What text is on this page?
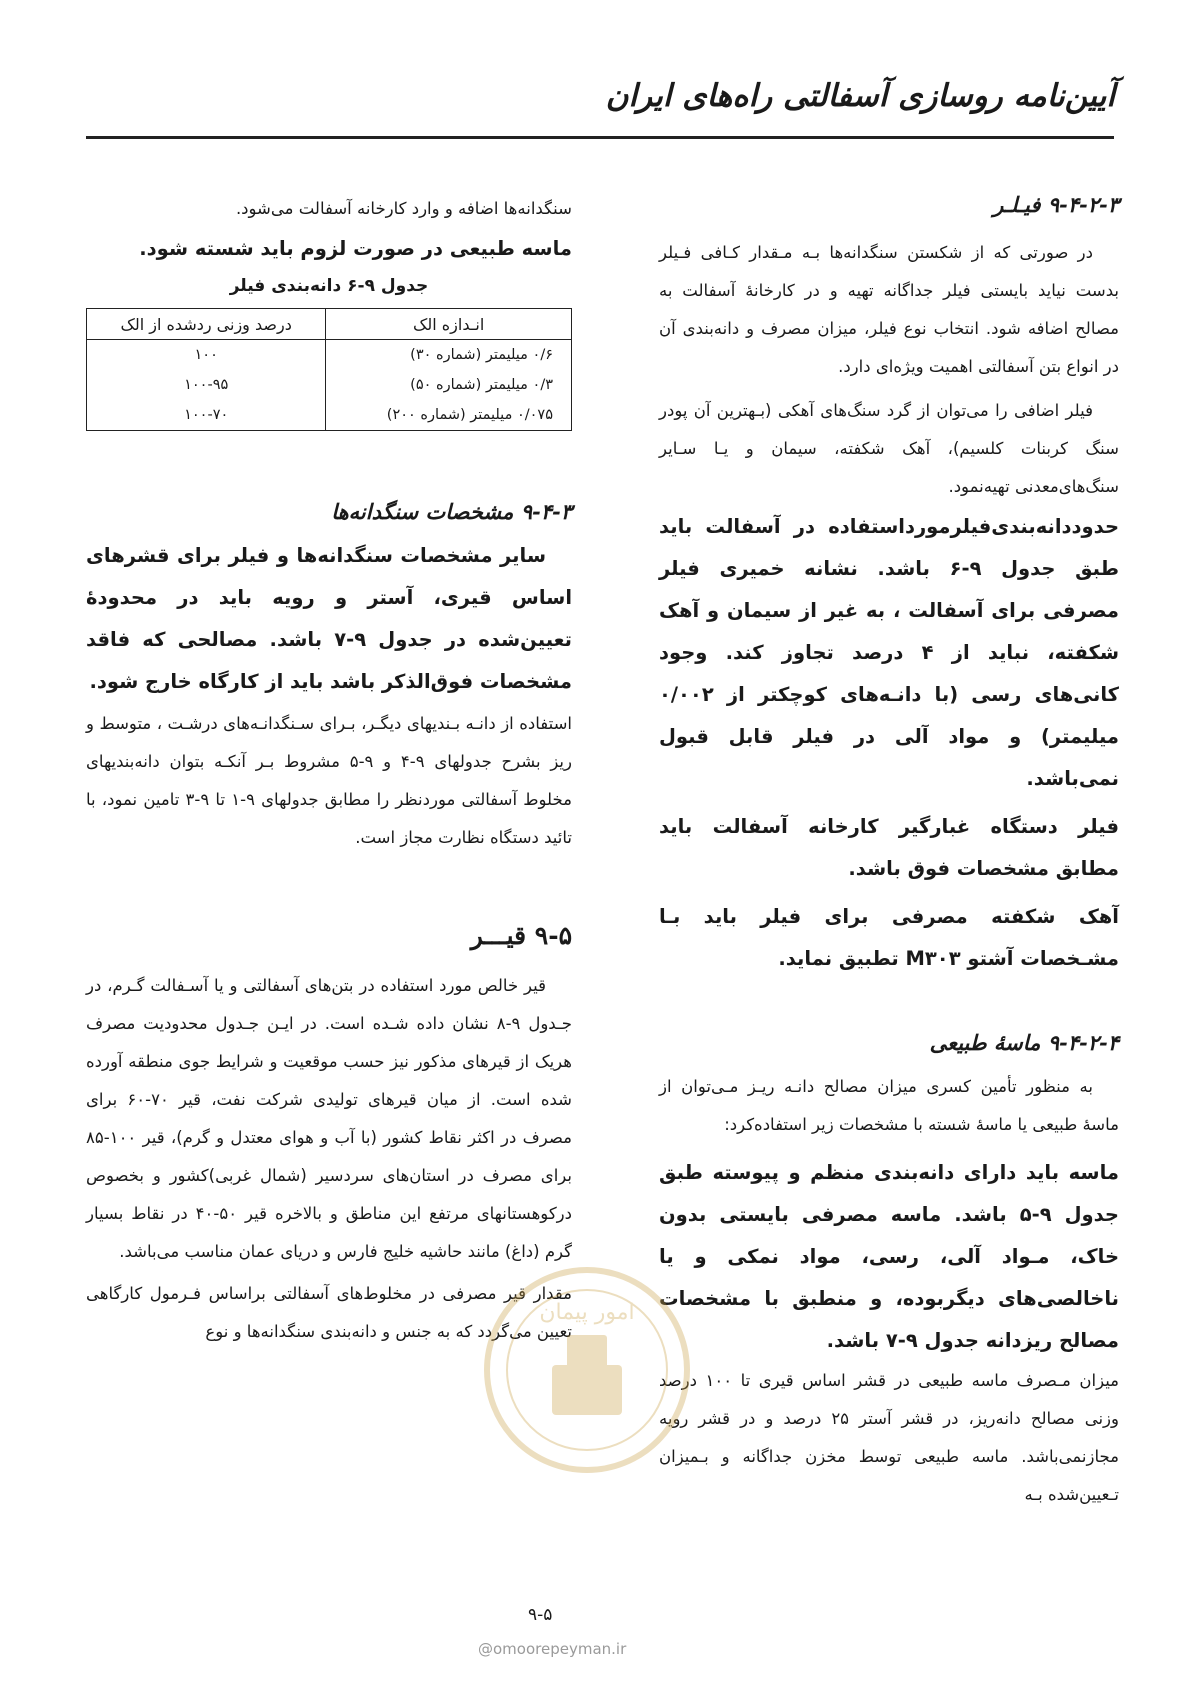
آیین‌نامه روسازی آسفالتی راه‌های ایران
۹-۴-۲-۳ فیـلـر

در صورتی که از شکستن سنگدانه‌ها بـه مـقدار کـافی فـیلر بدست نیاید بایستی فیلر جداگانه تهیه و در کارخانهٔ آسفالت به مصالح اضافه شود. انتخاب نوع فیلر، میزان مصرف و دانه‌بندی آن در انواع بتن آسفالتی اهمیت ویژه‌ای دارد.

فیلر اضافی را می‌توان از گرد سنگ‌های آهکی (بـهترین آن پودر سنگ کربنات کلسیم)، آهک شکفته، سیمان و یـا سـایر سنگ‌های‌معدنی تهیه‌نمود.

حدوددانه‌بندی‌فیلرمورداستفاده در آسفالت باید طبق جدول ۹-۶ باشد. نشانه خمیری فیلر مصرفی برای آسفالت ، به غیر از سیمان و آهک شکفته، نباید از ۴ درصد تجاوز کند. وجود کانی‌های رسی (با دانـه‌های کوچکتر از ۰/۰۰۲ میلیمتر) و مواد آلی در فیلر قابل قبول نمی‌باشد.

فیلر دستگاه غبارگیر کارخانه آسفالت باید مطابق مشخصات فوق باشد.

آهک شکفته مصرفی برای فیلر باید بـا مشـخصات آشتو M۳۰۳ تطبیق نماید.

۹-۴-۲-۴ ماسهٔ طبیعی

به منظور تأمین کسری میزان مصالح دانـه ریـز مـی‌توان از ماسهٔ طبیعی یا ماسهٔ شسته با مشخصات زیر استفاده‌کرد:

ماسه باید دارای دانه‌بندی منظم و پیوسته طبق جدول ۹-۵ باشد. ماسه مصرفی بایستی بدون خاک، مـواد آلی، رسی، مواد نمکی و یا ناخالصی‌های دیگربوده، و منطبق با مشخصات مصالح ریزدانه جدول ۹-۷ باشد.

میزان مـصرف ماسه طبیعی در قشر اساس قیری تا ۱۰۰ درصد وزنی مصالح دانه‌ریز، در قشر آستر ۲۵ درصد و در قشر رویه مجازنمی‌باشد. ماسه طبیعی توسط مخزن جداگانه و بـمیزان تـعیین‌شده بـه

سنگدانه‌ها اضافه و وارد کارخانه آسفالت می‌شود.

ماسه طبیعی در صورت لزوم باید شسته شود.

جدول ۹-۶ دانه‌بندی فیلر
انـدازه الک	درصد وزنی ردشده از الک
۰/۶ میلیمتر (شماره ۳۰)	۱۰۰
۰/۳ میلیمتر (شماره ۵۰)	۱۰۰-۹۵
۰/۰۷۵ میلیمتر (شماره ۲۰۰)	۱۰۰-۷۰
۹-۴-۳ مشخصات سنگدانه‌ها

سایر مشخصات سنگدانه‌ها و فیلر برای قشرهای اساس قیری، آستر و رویه باید در محدودهٔ تعیین‌شده در جدول ۹-۷ باشد. مصالحی که فاقد مشخصات فوق‌الذکر باشد باید از کارگاه خارج شود.

استفاده از دانـه بـندیهای دیگـر، بـرای سـنگدانـه‌های درشـت ، متوسط و ریز بشرح جدولهای ۹-۴ و ۹-۵ مشروط بـر آنکـه بتوان دانه‌بندیهای مخلوط آسفالتی موردنظر را مطابق جدولهای ۹-۱ تا ۹-۳ تامین نمود، با تائید دستگاه نظارت مجاز است.

۹-۵ قیـــر

قیر خالص مورد استفاده در بتن‌های آسفالتی و یا آسـفالت گـرم، در جـدول ۹-۸ نشان داده شـده است. در ایـن جـدول محدودیت مصرف هریک از قیرهای مذکور نیز حسب موقعیت و شرایط جوی منطقه آورده شده است. از میان قیرهای تولیدی شرکت نفت، قیر ۷۰-۶۰ برای مصرف در اکثر نقاط کشور (با آب و هوای معتدل و گرم)، قیر ۱۰۰-۸۵ برای مصرف در استان‌های سردسیر (شمال غربی)کشور و بخصوص درکوهستانهای مرتفع این مناطق و بالاخره قیر ۵۰-۴۰ در نقاط بسیار گرم (داغ) مانند حاشیه خلیج فارس و دریای عمان مناسب می‌باشد.

مقدار قیر مصرفی در مخلوط‌های آسفالتی براساس فـرمول کارگاهی تعیین می‌گردد که به جنس و دانه‌بندی سنگدانه‌ها و نوع

امور پیمان
۹-۵
@omoorepeyman.ir
